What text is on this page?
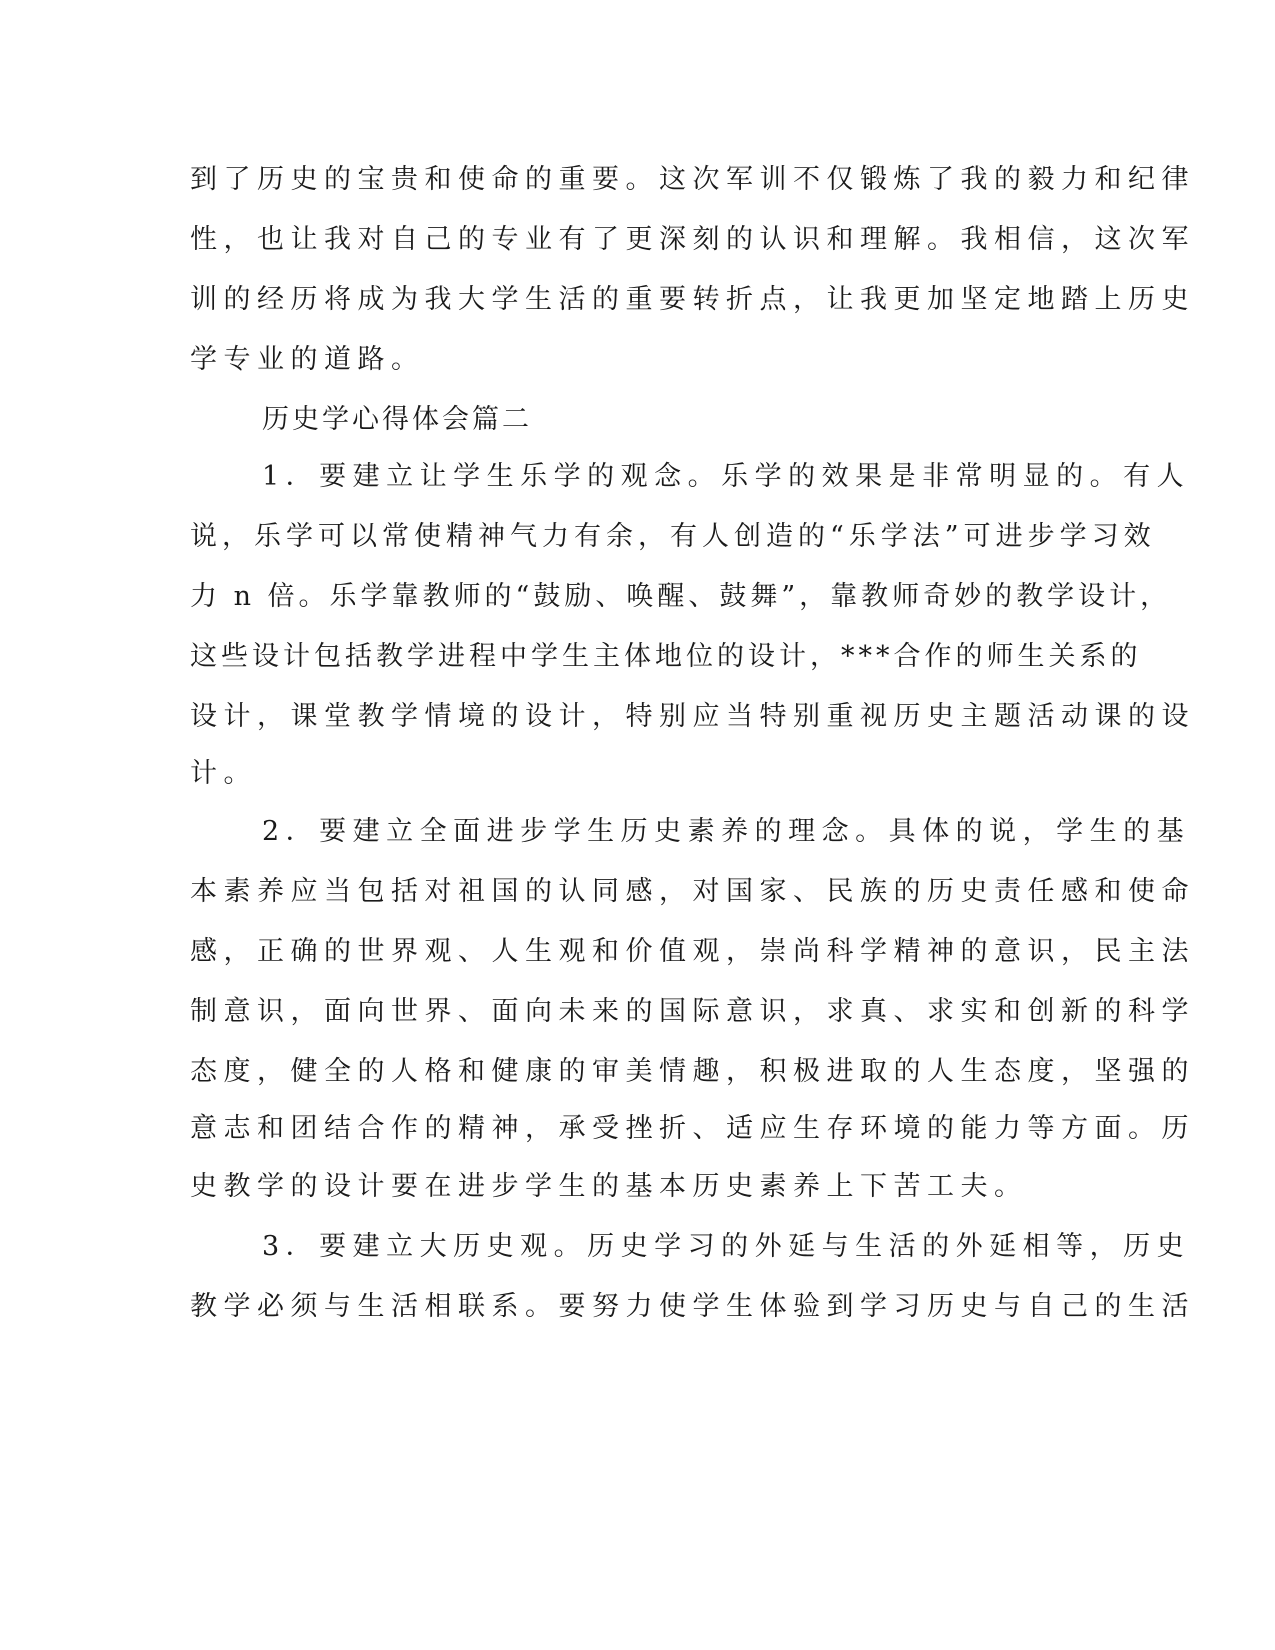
到了历史的宝贵和使命的重要。这次军训不仅锻炼了我的毅力和纪律
性，也让我对自己的专业有了更深刻的认识和理解。我相信，这次军
训的经历将成为我大学生活的重要转折点，让我更加坚定地踏上历史
学专业的道路。
历史学心得体会篇二
1．要建立让学生乐学的观念。乐学的效果是非常明显的。有人
说，乐学可以常使精神气力有余，有人创造的“乐学法”可进步学习效
力 n 倍。乐学靠教师的“鼓励、唤醒、鼓舞”，靠教师奇妙的教学设计，
这些设计包括教学进程中学生主体地位的设计，***合作的师生关系的
设计，课堂教学情境的设计，特别应当特别重视历史主题活动课的设
计。
2．要建立全面进步学生历史素养的理念。具体的说，学生的基
本素养应当包括对祖国的认同感，对国家、民族的历史责任感和使命
感，正确的世界观、人生观和价值观，崇尚科学精神的意识，民主法
制意识，面向世界、面向未来的国际意识，求真、求实和创新的科学
态度，健全的人格和健康的审美情趣，积极进取的人生态度，坚强的
意志和团结合作的精神，承受挫折、适应生存环境的能力等方面。历
史教学的设计要在进步学生的基本历史素养上下苦工夫。
3．要建立大历史观。历史学习的外延与生活的外延相等，历史
教学必须与生活相联系。要努力使学生体验到学习历史与自己的生活
